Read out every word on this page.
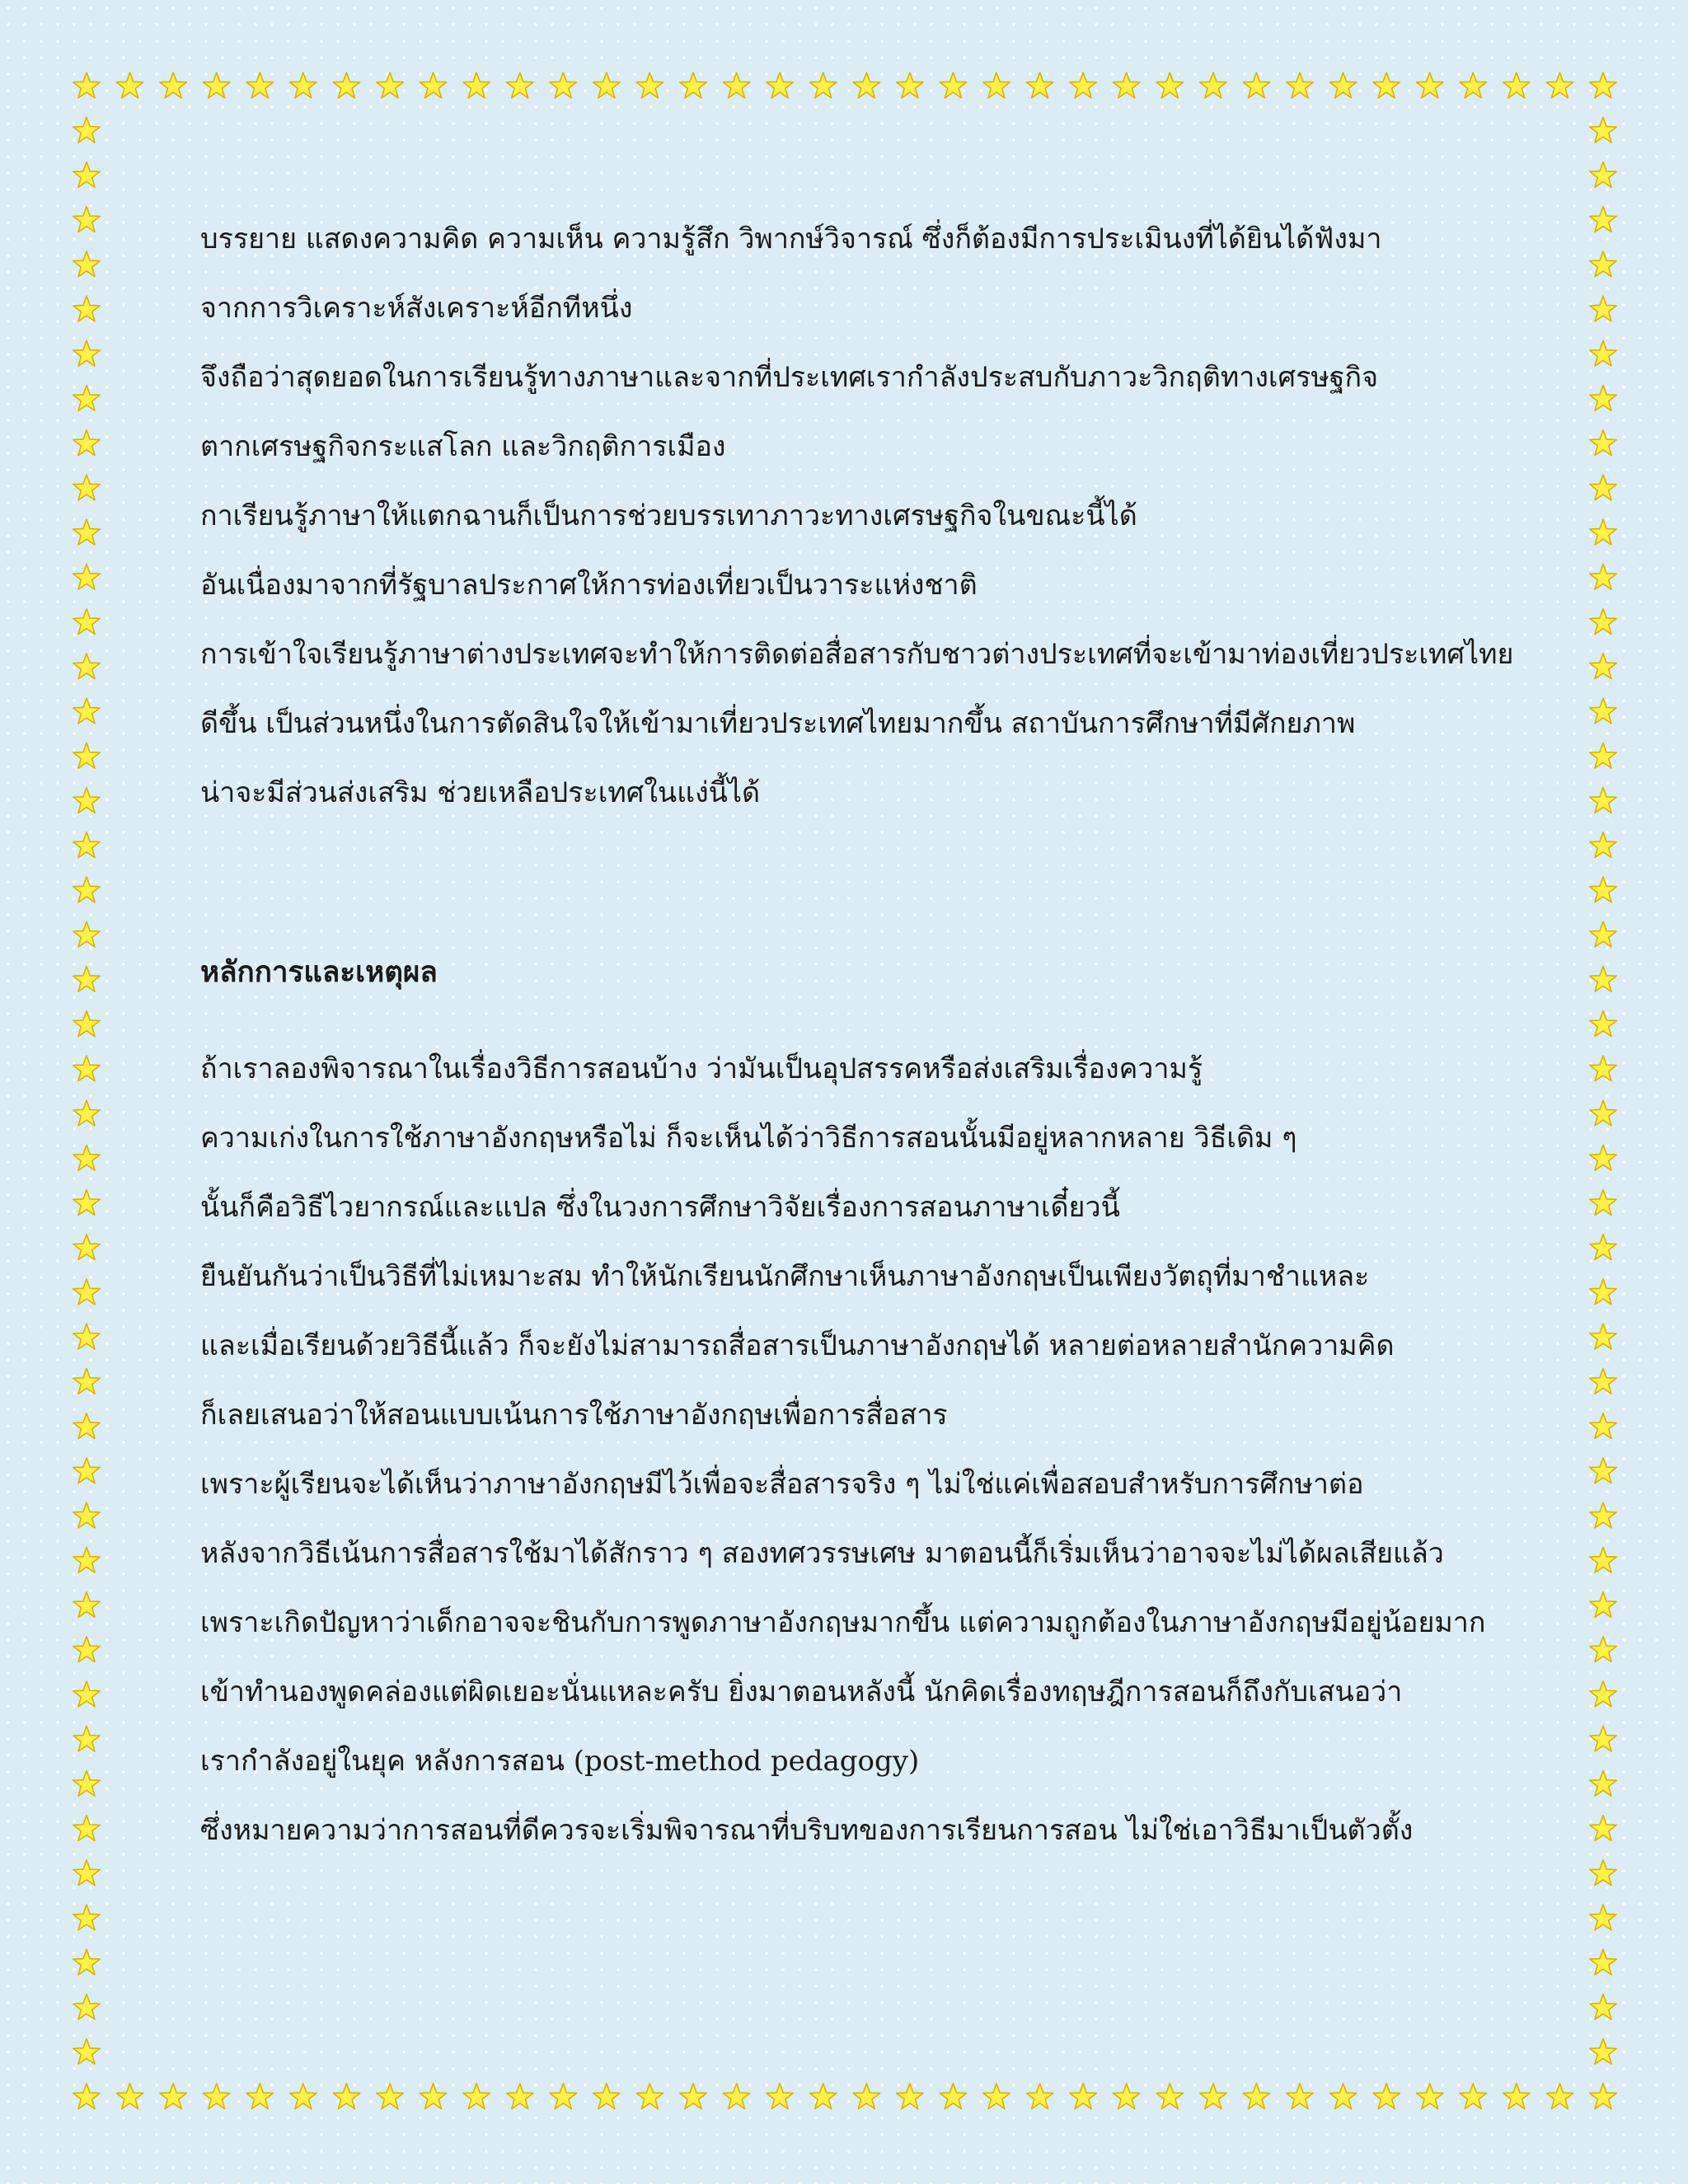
บรรยาย แสดงความคิด ความเห็น ความรู้สึก วิพากษ์วิจารณ์ ซึ่งก็ต้องมีการประเมินงที่ได้ยินได้ฟังมา

จากการวิเคราะห์สังเคราะห์อีกทีหนึ่ง

จึงถือว่าสุดยอดในการเรียนรู้ทางภาษาและจากที่ประเทศเรากำลังประสบกับภาวะวิกฤติทางเศรษฐกิจ

ตากเศรษฐกิจกระแสโลก และวิกฤติการเมือง

กาเรียนรู้ภาษาให้แตกฉานก็เป็นการช่วยบรรเทาภาวะทางเศรษฐกิจในขณะนี้ได้

อันเนื่องมาจากที่รัฐบาลประกาศให้การท่องเที่ยวเป็นวาระแห่งชาติ

การเข้าใจเรียนรู้ภาษาต่างประเทศจะทำให้การติดต่อสื่อสารกับชาวต่างประเทศที่จะเข้ามาท่องเที่ยวประเทศไทย

ดีขึ้น เป็นส่วนหนึ่งในการตัดสินใจให้เข้ามาเที่ยวประเทศไทยมากขึ้น สถาบันการศึกษาที่มีศักยภาพ

น่าจะมีส่วนส่งเสริม ช่วยเหลือประเทศในแง่นี้ได้

หลักการและเหตุผล

ถ้าเราลองพิจารณาในเรื่องวิธีการสอนบ้าง ว่ามันเป็นอุปสรรคหรือส่งเสริมเรื่องความรู้

ความเก่งในการใช้ภาษาอังกฤษหรือไม่ ก็จะเห็นได้ว่าวิธีการสอนนั้นมีอยู่หลากหลาย วิธีเดิม ๆ

นั้นก็คือวิธีไวยากรณ์และแปล ซึ่งในวงการศึกษาวิจัยเรื่องการสอนภาษาเดี๋ยวนี้

ยืนยันกันว่าเป็นวิธีที่ไม่เหมาะสม ทำให้นักเรียนนักศึกษาเห็นภาษาอังกฤษเป็นเพียงวัตถุที่มาชำแหละ

และเมื่อเรียนด้วยวิธีนี้แล้ว ก็จะยังไม่สามารถสื่อสารเป็นภาษาอังกฤษได้ หลายต่อหลายสำนักความคิด

ก็เลยเสนอว่าให้สอนแบบเน้นการใช้ภาษาอังกฤษเพื่อการสื่อสาร

เพราะผู้เรียนจะได้เห็นว่าภาษาอังกฤษมีไว้เพื่อจะสื่อสารจริง ๆ ไม่ใช่แค่เพื่อสอบสำหรับการศึกษาต่อ

หลังจากวิธีเน้นการสื่อสารใช้มาได้สักราว ๆ สองทศวรรษเศษ มาตอนนี้ก็เริ่มเห็นว่าอาจจะไม่ได้ผลเสียแล้ว

เพราะเกิดปัญหาว่าเด็กอาจจะชินกับการพูดภาษาอังกฤษมากขึ้น แต่ความถูกต้องในภาษาอังกฤษมีอยู่น้อยมาก

เข้าทำนองพูดคล่องแต่ผิดเยอะนั่นแหละครับ ยิ่งมาตอนหลังนี้ นักคิดเรื่องทฤษฎีการสอนก็ถึงกับเสนอว่า

เรากำลังอยู่ในยุค หลังการสอน (post-method pedagogy)

ซึ่งหมายความว่าการสอนที่ดีควรจะเริ่มพิจารณาที่บริบทของการเรียนการสอน ไม่ใช่เอาวิธีมาเป็นตัวตั้ง
